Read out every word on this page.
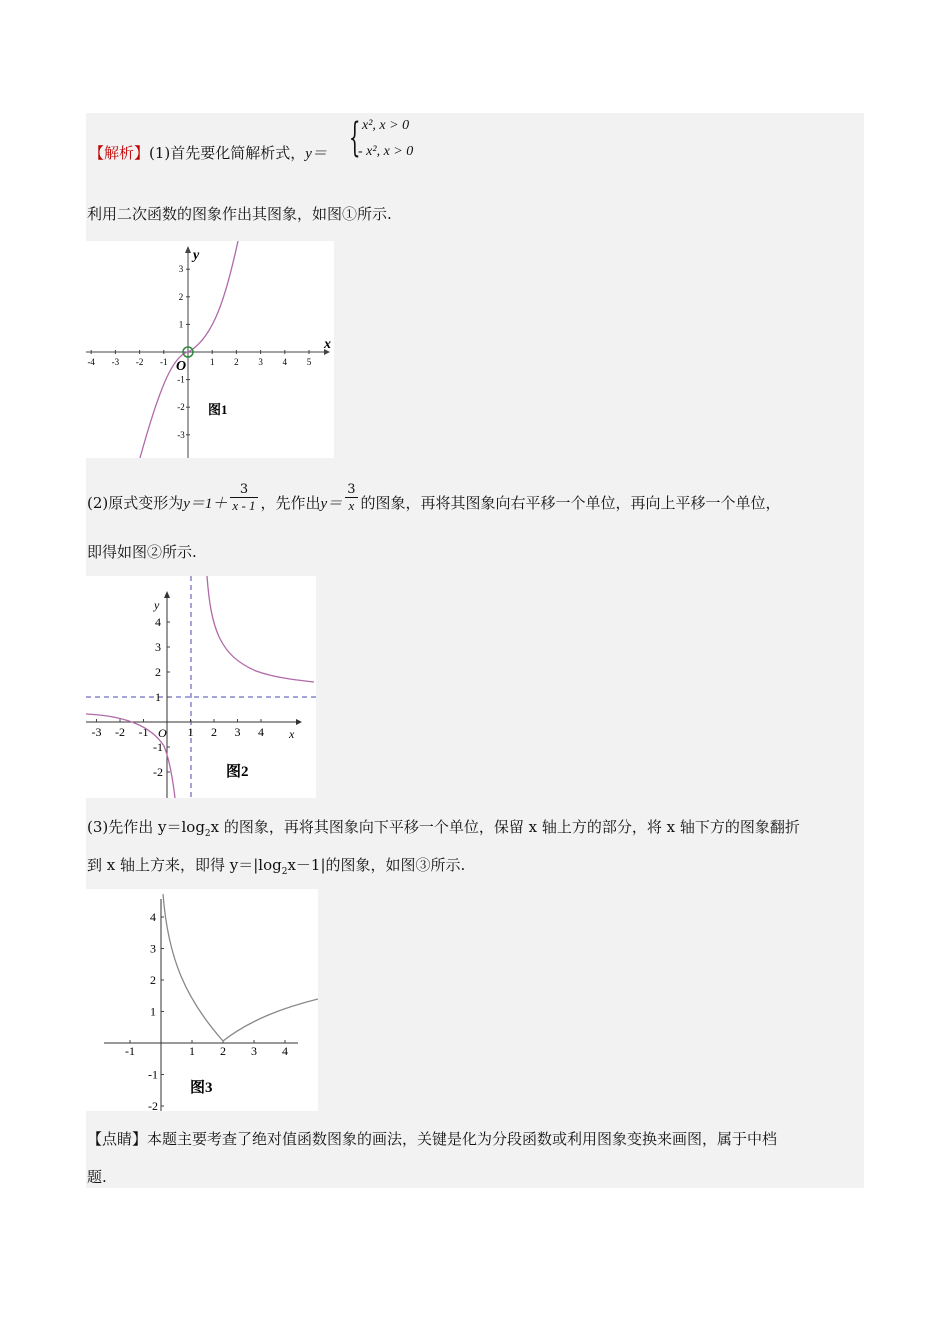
【解析】(1)首先要化简解析式，y＝ { x², x > 0
- x², x > 0
利用二次函数的图象作出其图象，如图①所示.
-4 -3 -2 -1	1 2 3 4 5
3
2
1
-1
-2
-3
x
y
O
图1
(2)原式变形为$y=1+ \frac{3}{x - 1}$ ，先作出$y= \frac{3}{x}$ 的图象，再将其图象向右平移一个单位，再向上平移一个单位，
即得如图②所示.
-3 -2 -1	1 2 3 4
4
3
2
1
-1
-2
x
y
O
图2
(3)先作出 $y=\log_2x$ 的图象，再将其图象向下平移一个单位，保留 x 轴上方的部分，将 x 轴下方的图象翻折
到 x 轴上方来，即得 $y=|\log_2x-1|$的图象，如图③所示.
-1	1 2 3 4
4
3
2
1
-1
-2
图3
【点睛】本题主要考查了绝对值函数图象的画法，关键是化为分段函数或利用图象变换来画图，属于中档
题.
